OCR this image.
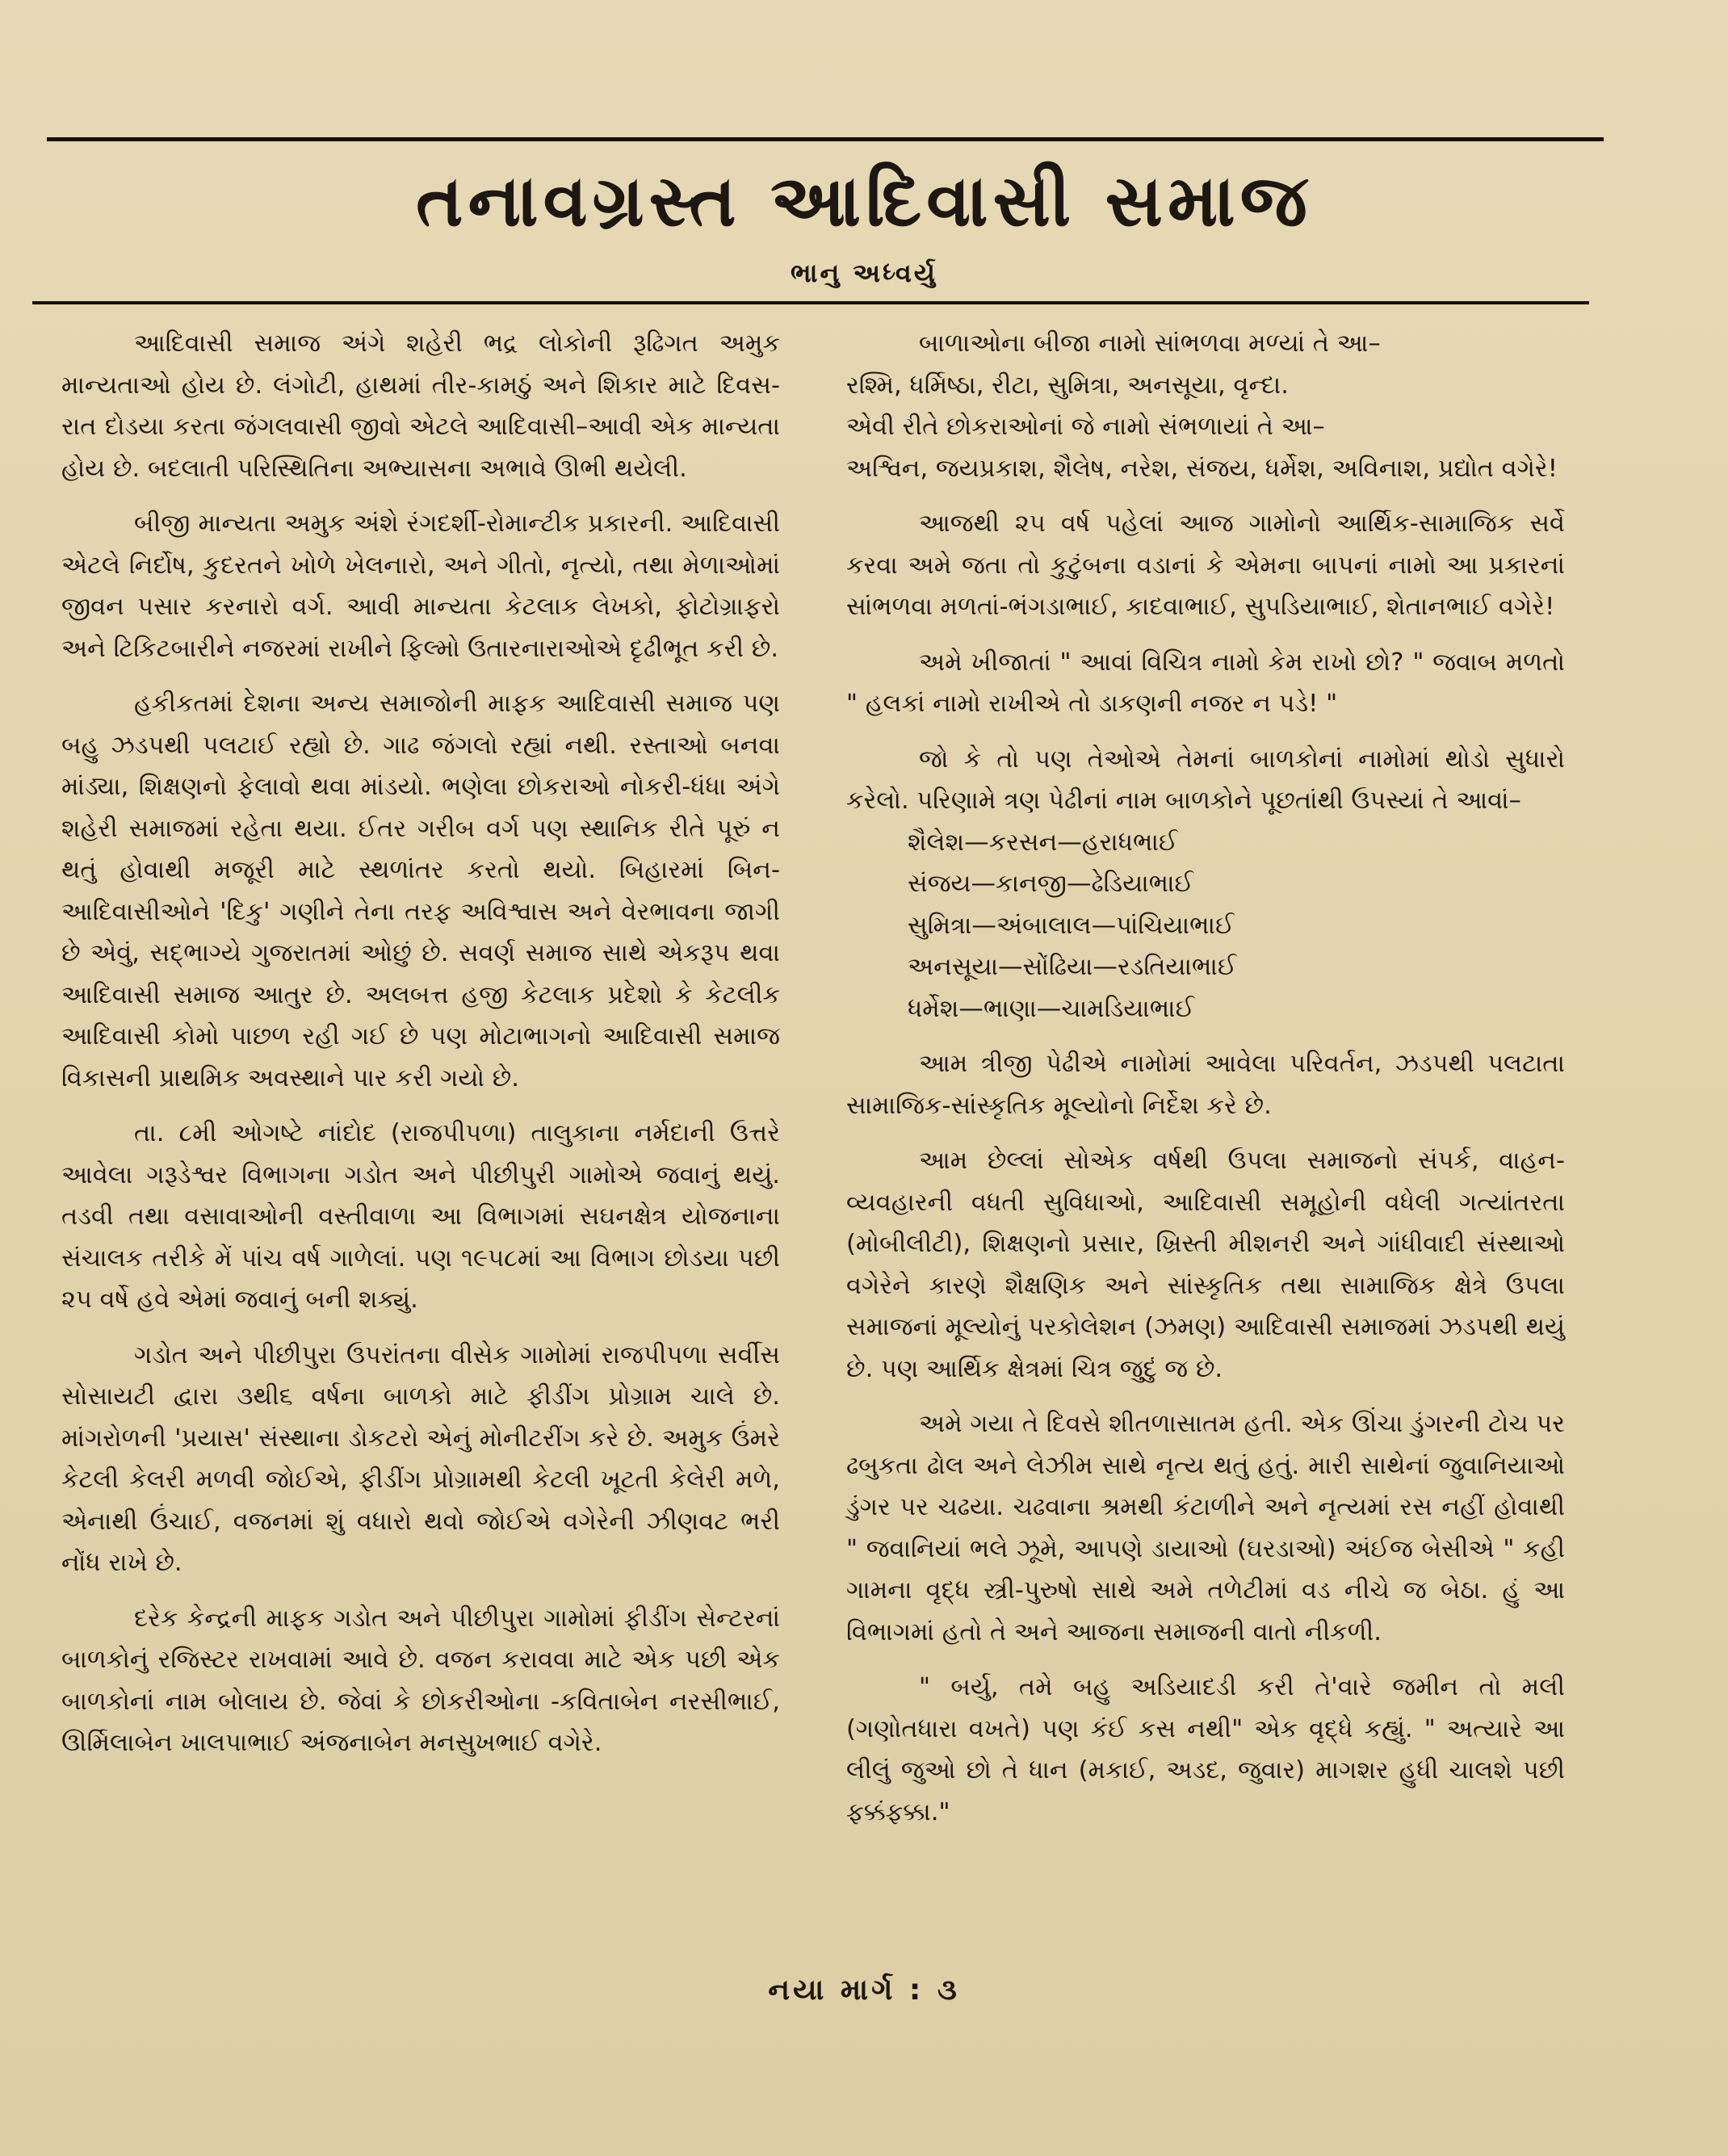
તનાવગ્રસ્ત આદિવાસી સમાજ
ભાનુ અધ્વર્યુ

આદિવાસી સમાજ અંગે શહેરી ભદ્ર લોકોની રૂઢિગત અમુક માન્યતાઓ હોય છે. લંગોટી, હાથમાં તીર-કામઠું અને શિકાર માટે દિવસ-રાત દોડયા કરતા જંગલવાસી જીવો એટલે આદિવાસી–આવી એક માન્યતા હોય છે. બદલાતી પરિસ્થિતિના અભ્યાસના અભાવે ઊભી થયેલી.

બીજી માન્યતા અમુક અંશે રંગદર્શી-રોમાન્ટીક પ્રકારની. આદિવાસી એટલે નિર્દોષ, કુદરતને ખોળે ખેલનારો, અને ગીતો, નૃત્યો, તથા મેળાઓમાં જીવન પસાર કરનારો વર્ગ. આવી માન્યતા કેટલાક લેખકો, ફોટોગ્રાફરો અને ટિકિટબારીને નજરમાં રાખીને ફિલ્મો ઉતારનારાઓએ દૃઢીભૂત કરી છે.

હકીકતમાં દેશના અન્ય સમાજોની માફક આદિવાસી સમાજ પણ બહુ ઝડપથી પલટાઈ રહ્યો છે. ગાઢ જંગલો રહ્યાં નથી. રસ્તાઓ બનવા માંડ્યા, શિક્ષણનો ફેલાવો થવા માંડયો. ભણેલા છોકરાઓ નોકરી-ધંધા અંગે શહેરી સમાજમાં રહેતા થયા. ઈતર ગરીબ વર્ગ પણ સ્થાનિક રીતે પૂરું ન થતું હોવાથી મજૂરી માટે સ્થળાંતર કરતો થયો. બિહારમાં બિન-આદિવાસીઓને 'દિકુ' ગણીને તેના તરફ અવિશ્વાસ અને વેરભાવના જાગી છે એવું, સદ્ભાગ્યે ગુજરાતમાં ઓછું છે. સવર્ણ સમાજ સાથે એકરૂપ થવા આદિવાસી સમાજ આતુર છે. અલબત્ત હજી કેટલાક પ્રદેશો કે કેટલીક આદિવાસી કોમો પાછળ રહી ગઈ છે પણ મોટાભાગનો આદિવાસી સમાજ વિકાસની પ્રાથમિક અવસ્થાને પાર કરી ગયો છે.

તા. ૮મી ઓગષ્ટે નાંદોદ (રાજપીપળા) તાલુકાના નર્મદાની ઉત્તરે આવેલા ગરૂડેશ્વર વિભાગના ગડોત અને પીછીપુરી ગામોએ જવાનું થયું. તડવી તથા વસાવાઓની વસ્તીવાળા આ વિભાગમાં સઘનક્ષેત્ર યોજનાના સંચાલક તરીકે મેં પાંચ વર્ષ ગાળેલાં. પણ ૧૯૫૮માં આ વિભાગ છોડયા પછી ૨૫ વર્ષે હવે એમાં જવાનું બની શક્યું.

ગડોત અને પીછીપુરા ઉપરાંતના વીસેક ગામોમાં રાજપીપળા સર્વીસ સોસાયટી દ્વારા ૩થી૬ વર્ષના બાળકો માટે ફીડીંગ પ્રોગ્રામ ચાલે છે. માંગરોળની 'પ્રયાસ' સંસ્થાના ડોકટરો એનું મોનીટરીંગ કરે છે. અમુક ઉંમરે કેટલી કેલરી મળવી જોઈએ, ફીડીંગ પ્રોગ્રામથી કેટલી ખૂટતી કેલેરી મળે, એનાથી ઉંચાઈ, વજનમાં શું વધારો થવો જોઈએ વગેરેની ઝીણવટ ભરી નોંધ રાખે છે.

દરેક કેન્દ્રની માફક ગડોત અને પીછીપુરા ગામોમાં ફીડીંગ સેન્ટરનાં બાળકોનું રજિસ્ટર રાખવામાં આવે છે. વજન કરાવવા માટે એક પછી એક બાળકોનાં નામ બોલાય છે. જેવાં કે છોકરીઓના -કવિતાબેન નરસીભાઈ, ઊર્મિલાબેન ખાલપાભાઈ અંજનાબેન મનસુખભાઈ વગેરે.

બાળાઓના બીજા નામો સાંભળવા મળ્યાં તે આ–
રશ્મિ, ધર્મિષ્ઠા, રીટા, સુમિત્રા, અનસૂયા, વૃન્દા.
એવી રીતે છોકરાઓનાં જે નામો સંભળાયાં તે આ–
અશ્વિન, જયપ્રકાશ, શૈલેષ, નરેશ, સંજય, ધર્મેશ, અવિનાશ, પ્રદ્યોત વગેરે!

આજથી ૨૫ વર્ષ પહેલાં આજ ગામોનો આર્થિક-સામાજિક સર્વે કરવા અમે જતા તો કુટુંબના વડાનાં કે એમના બાપનાં નામો આ પ્રકારનાં સાંભળવા મળતાં-ભંગડાભાઈ, કાદવાભાઈ, સુપડિયાભાઈ, શેતાનભાઈ વગેરે!

અમે ખીજાતાં " આવાં વિચિત્ર નામો કેમ રાખો છો? " જવાબ મળતો " હલકાં નામો રાખીએ તો ડાકણની નજર ન પડે! "

જો કે તો પણ તેઓએ તેમનાં બાળકોનાં નામોમાં થોડો સુધારો કરેલો. પરિણામે ત્રણ પેઢીનાં નામ બાળકોને પૂછતાંથી ઉપસ્યાં તે આવાં–

શૈલેશ—કરસન—હરાધભાઈ

સંજય—કાનજી—ઢેડિયાભાઈ

સુમિત્રા—અંબાલાલ—પાંચિયાભાઈ

અનસૂયા—સોંઢિયા—રડતિયાભાઈ

ધર્મેશ—ભાણા—ચામડિયાભાઈ

આમ ત્રીજી પેઢીએ નામોમાં આવેલા પરિવર્તન, ઝડપથી પલટાતા સામાજિક-સાંસ્કૃતિક મૂલ્યોનો નિર્દેશ કરે છે.

આમ છેલ્લાં સોએક વર્ષથી ઉપલા સમાજનો સંપર્ક, વાહન-વ્યવહારની વધતી સુવિધાઓ, આદિવાસી સમૂહોની વધેલી ગત્યાંતરતા (મોબીલીટી), શિક્ષણનો પ્રસાર, ખ્રિસ્તી મીશનરી અને ગાંધીવાદી સંસ્થાઓ વગેરેને કારણે શૈક્ષણિક અને સાંસ્કૃતિક તથા સામાજિક ક્ષેત્રે ઉપલા સમાજનાં મૂલ્યોનું પરકોલેશન (ઝમણ) આદિવાસી સમાજમાં ઝડપથી થયું છે. પણ આર્થિક ક્ષેત્રમાં ચિત્ર જુદું જ છે.

અમે ગયા તે દિવસે શીતળાસાતમ હતી. એક ઊંચા ડુંગરની ટોચ પર ઢબુકતા ઢોલ અને લેઝીમ સાથે નૃત્ય થતું હતું. મારી સાથેનાં જુવાનિયાઓ ડુંગર પર ચઢયા. ચઢવાના શ્રમથી કંટાળીને અને નૃત્યમાં રસ નહીં હોવાથી " જવાનિયાં ભલે ઝૂમે, આપણે ડાયાઓ (ઘરડાઓ) અંઈજ બેસીએ " કહી ગામના વૃદ્ધ સ્ત્રી-પુરુષો સાથે અમે તળેટીમાં વડ નીચે જ બેઠા. હું આ વિભાગમાં હતો તે અને આજના સમાજની વાતો નીકળી.

" બર્યુ, તમે બહુ અડિયાદડી કરી તે'વારે જમીન તો મલી (ગણોતધારા વખતે) પણ કંઈ કસ નથી" એક વૃદ્ધે કહ્યું. " અત્યારે આ લીલું જુઓ છો તે ધાન (મકાઈ, અડદ, જુવાર) માગશર હુધી ચાલશે પછી ફક્કંફક્કા."

નયા માર્ગ : ૩
